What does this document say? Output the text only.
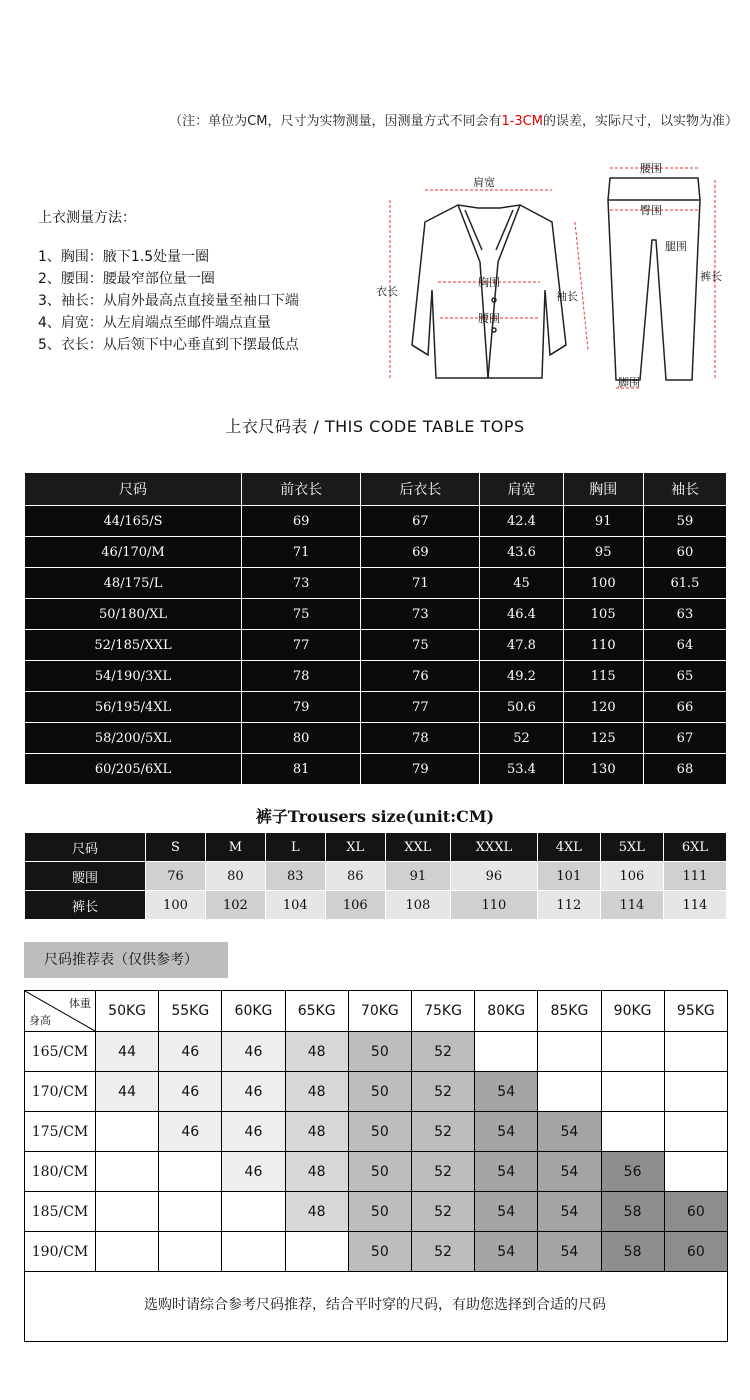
（注：单位为CM，尺寸为实物测量，因测量方式不同会有1-3CM的误差，实际尺寸，以实物为准）
上衣测量方法：
1、胸围：腋下1.5处量一圈
2、腰围：腰最窄部位量一圈
3、袖长：从肩外最高点直接量至袖口下端
4、肩宽：从左肩端点至邮件端点直量
5、衣长：从后领下中心垂直到下摆最低点
肩宽
衣长
胸围
腰围
袖长
腰围
臀围
腿围
裤长
脚围
上衣尺码表 / THIS CODE TABLE TOPS
尺码	前衣长	后衣长	肩宽	胸围	袖长
44/165/S	69	67	42.4	91	59
46/170/M	71	69	43.6	95	60
48/175/L	73	71	45	100	61.5
50/180/XL	75	73	46.4	105	63
52/185/XXL	77	75	47.8	110	64
54/190/3XL	78	76	49.2	115	65
56/195/4XL	79	77	50.6	120	66
58/200/5XL	80	78	52	125	67
60/205/6XL	81	79	53.4	130	68
裤子Trousers size(unit:CM)
尺码	S	M	L	XL	XXL	XXXL	4XL	5XL	6XL
腰围	76	80	83	86	91	96	101	106	111
裤长	100	102	104	106	108	110	112	114	114
尺码推荐表（仅供参考）
体重
身高	50KG	55KG	60KG	65KG	70KG	75KG	80KG	85KG	90KG	95KG
165/CM	44	46	46	48	50	52				
170/CM	44	46	46	48	50	52	54			
175/CM		46	46	48	50	52	54	54		
180/CM			46	48	50	52	54	54	56	
185/CM				48	50	52	54	54	58	60
190/CM					50	52	54	54	58	60
选购时请综合参考尺码推荐，结合平时穿的尺码，有助您选择到合适的尺码
